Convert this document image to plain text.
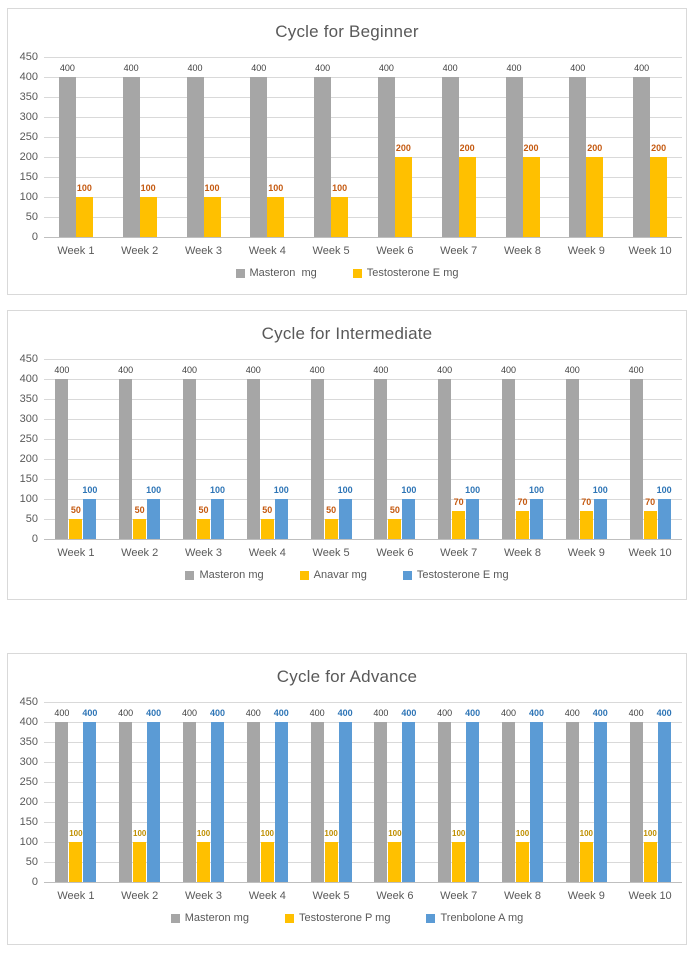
Cycle for Beginner
450
400
350
300
250
200
150
100
50
0
400
100
Week 1
400
100
Week 2
400
100
Week 3
400
100
Week 4
400
100
Week 5
400
200
Week 6
400
200
Week 7
400
200
Week 8
400
200
Week 9
400
200
Week 10
Masteron  mg	Testosterone E mg
Cycle for Intermediate
450
400
350
300
250
200
150
100
50
0
400
50
100
Week 1
400
50
100
Week 2
400
50
100
Week 3
400
50
100
Week 4
400
50
100
Week 5
400
50
100
Week 6
400
70
100
Week 7
400
70
100
Week 8
400
70
100
Week 9
400
70
100
Week 10
Masteron mg	Anavar mg	Testosterone E mg
Cycle for Advance
450
400
350
300
250
200
150
100
50
0
400
100
400
Week 1
400
100
400
Week 2
400
100
400
Week 3
400
100
400
Week 4
400
100
400
Week 5
400
100
400
Week 6
400
100
400
Week 7
400
100
400
Week 8
400
100
400
Week 9
400
100
400
Week 10
Masteron mg	Testosterone P mg	Trenbolone A mg
